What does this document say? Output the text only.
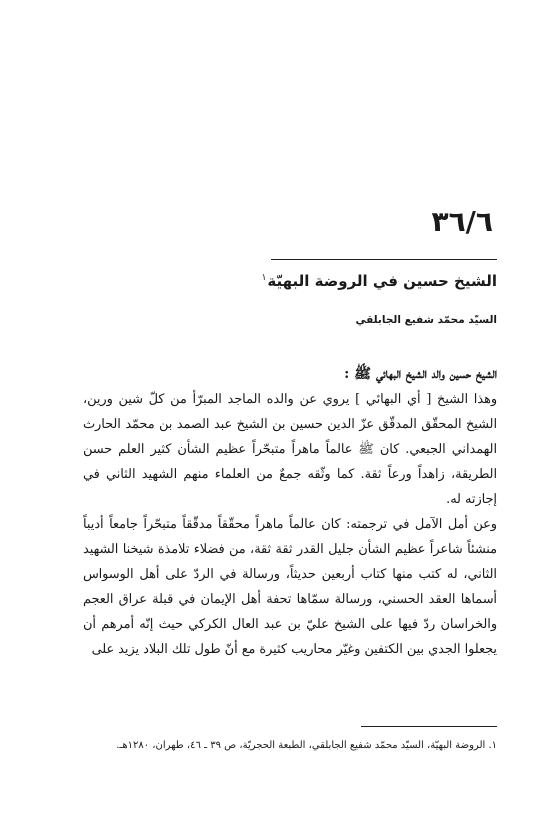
٣٦/٦
الشيخ حسين في الروضة البهيّة$^١$
السيّد محمّد شفيع الجابلقي
الشيخ حسين والد الشيخ البهائي ﷺ :

وهذا الشيخ [ أي البهائي ] يروي عن والده الماجد المبرّأ من كلّ شين ورين، الشيخ المحقّق المدقّق عزّ الدين حسين بن الشيخ عبد الصمد بن محمّد الحارث الهمداني الجبعي. كان ﷺ عالماً ماهراً متبحّراً عظيم الشأن كثير العلم حسن الطريقة، زاهداً ورعاً ثقة. كما وثّقه جمعٌ من العلماء منهم الشهيد الثاني في إجازته له.

وعن أمل الآمل في ترجمته: كان عالماً ماهراً محقّقاً مدقّقاً متبحّراً جامعاً أديباً منشئاً شاعراً عظيم الشأن جليل القدر ثقة ثقة، من فضلاء تلامذة شيخنا الشهيد الثاني، له كتب منها كتاب أربعين حديثاً، ورسالة في الردّ على أهل الوسواس أسماها العقد الحسني، ورسالة سمّاها تحفة أهل الإيمان في قبلة عراق العجم والخراسان ردّ فيها على الشيخ عليّ بن عبد العال الكركي حيث إنّه أمرهم أن يجعلوا الجدي بين الكتفين وغيّر محاريب كثيرة مع أنّ طول تلك البلاد يزيد على

١. الروضة البهيّة، السيّد محمّد شفيع الجابلقي، الطبعة الحجريّة، ص ٣٩ ـ ٤٦، طهران، ١٢٨٠هـ.
